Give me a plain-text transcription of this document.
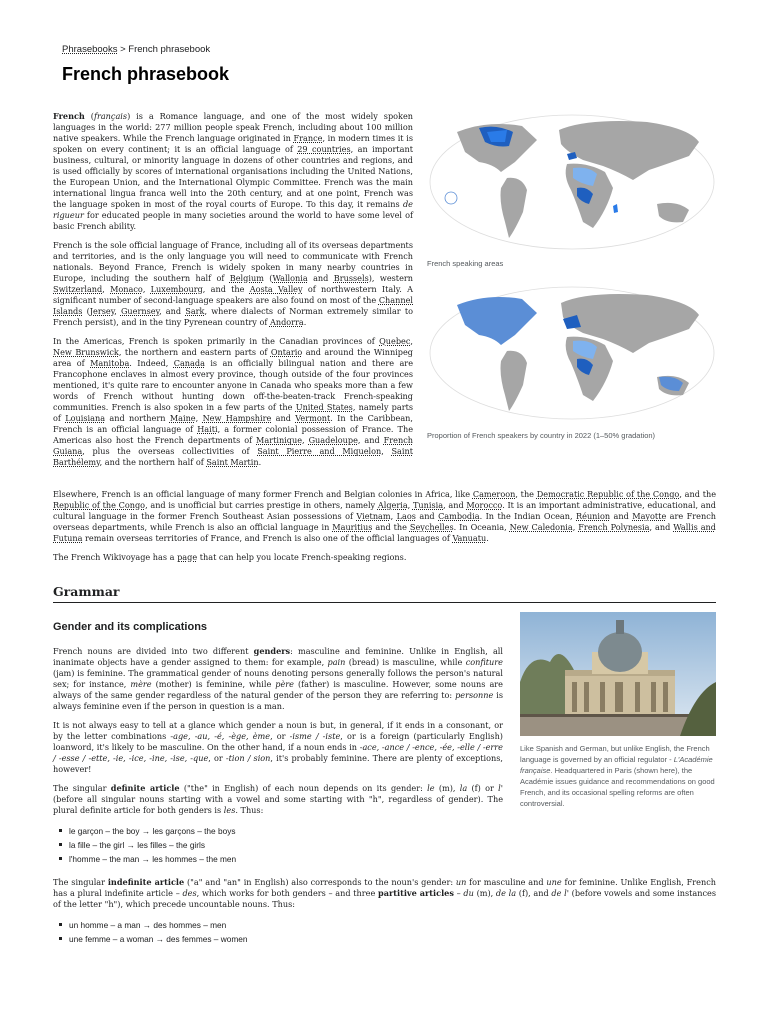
Phrasebooks > French phrasebook
French phrasebook

French (français) is a Romance language, and one of the most widely spoken languages in the world: 277 million people speak French, including about 100 million native speakers. While the French language originated in France, in modern times it is spoken on every continent; it is an official language of 29 countries, an important business, cultural, or minority language in dozens of other countries and regions, and is used officially by scores of international organisations including the United Nations, the European Union, and the International Olympic Committee. French was the main international lingua franca well into the 20th century, and at one point, French was the language spoken in most of the royal courts of Europe. To this day, it remains de rigueur for educated people in many societies around the world to have some level of basic French ability.

French is the sole official language of France, including all of its overseas departments and territories, and is the only language you will need to communicate with French nationals. Beyond France, French is widely spoken in many nearby countries in Europe, including the southern half of Belgium (Wallonia and Brussels), western Switzerland, Monaco, Luxembourg, and the Aosta Valley of northwestern Italy. A significant number of second-language speakers are also found on most of the Channel Islands (Jersey, Guernsey, and Sark, where dialects of Norman extremely similar to French persist), and in the tiny Pyrenean country of Andorra.

In the Americas, French is spoken primarily in the Canadian provinces of Quebec, New Brunswick, the northern and eastern parts of Ontario and around the Winnipeg area of Manitoba. Indeed, Canada is an officially bilingual nation and there are Francophone enclaves in almost every province, though outside of the four provinces mentioned, it's quite rare to encounter anyone in Canada who speaks more than a few words of French without hunting down off-the-beaten-track French-speaking communities. French is also spoken in a few parts of the United States, namely parts of Louisiana and northern Maine, New Hampshire and Vermont. In the Caribbean, French is an official language of Haiti, a former colonial possession of France. The Americas also host the French departments of Martinique, Guadeloupe, and French Guiana, plus the overseas collectivities of Saint Pierre and Miquelon, Saint Barthélemy, and the northern half of Saint Martin.

French speaking areas
Proportion of French speakers by country in 2022 (1–50% gradation)

Elsewhere, French is an official language of many former French and Belgian colonies in Africa, like Cameroon, the Democratic Republic of the Congo, and the Republic of the Congo, and is unofficial but carries prestige in others, namely Algeria, Tunisia, and Morocco. It is an important administrative, educational, and cultural language in the former French Southeast Asian possessions of Vietnam, Laos and Cambodia. In the Indian Ocean, Réunion and Mayotte are French overseas departments, while French is also an official language in Mauritius and the Seychelles. In Oceania, New Caledonia, French Polynesia, and Wallis and Futuna remain overseas territories of France, and French is also one of the official languages of Vanuatu.

The French Wikivoyage has a page that can help you locate French-speaking regions.

Grammar
Gender and its complications

French nouns are divided into two different genders: masculine and feminine. Unlike in English, all inanimate objects have a gender assigned to them: for example, pain (bread) is masculine, while confiture (jam) is feminine. The grammatical gender of nouns denoting persons generally follows the person's natural sex; for instance, mère (mother) is feminine, while père (father) is masculine. However, some nouns are always of the same gender regardless of the natural gender of the person they are referring to: personne is always feminine even if the person in question is a man.

It is not always easy to tell at a glance which gender a noun is but, in general, if it ends in a consonant, or by the letter combinations -age, -au, -é, -ège, ème, or -isme / -iste, or is a foreign (particularly English) loanword, it's likely to be masculine. On the other hand, if a noun ends in -ace, -ance / -ence, -ée, -elle / -erre / -esse / -ette, -ie, -ice, -ine, -ise, -que, or -tion / sion, it's probably feminine. There are plenty of exceptions, however!

The singular definite article ("the" in English) of each noun depends on its gender: le (m), la (f) or l' (before all singular nouns starting with a vowel and some starting with "h", regardless of gender). The plural definite article for both genders is les. Thus:

le garçon – the boy → les garçons – the boys
la fille – the girl → les filles – the girls
l'homme – the man → les hommes – the men
Like Spanish and German, but unlike English, the French language is governed by an official regulator - L'Académie française. Headquartered in Paris (shown here), the Académie issues guidance and recommendations on good French, and its occasional spelling reforms are often controversial.

The singular indefinite article ("a" and "an" in English) also corresponds to the noun's gender: un for masculine and une for feminine. Unlike English, French has a plural indefinite article – des, which works for both genders – and three partitive articles – du (m), de la (f), and de l' (before vowels and some instances of the letter "h"), which precede uncountable nouns. Thus:

un homme – a man → des hommes – men
une femme – a woman → des femmes – women
